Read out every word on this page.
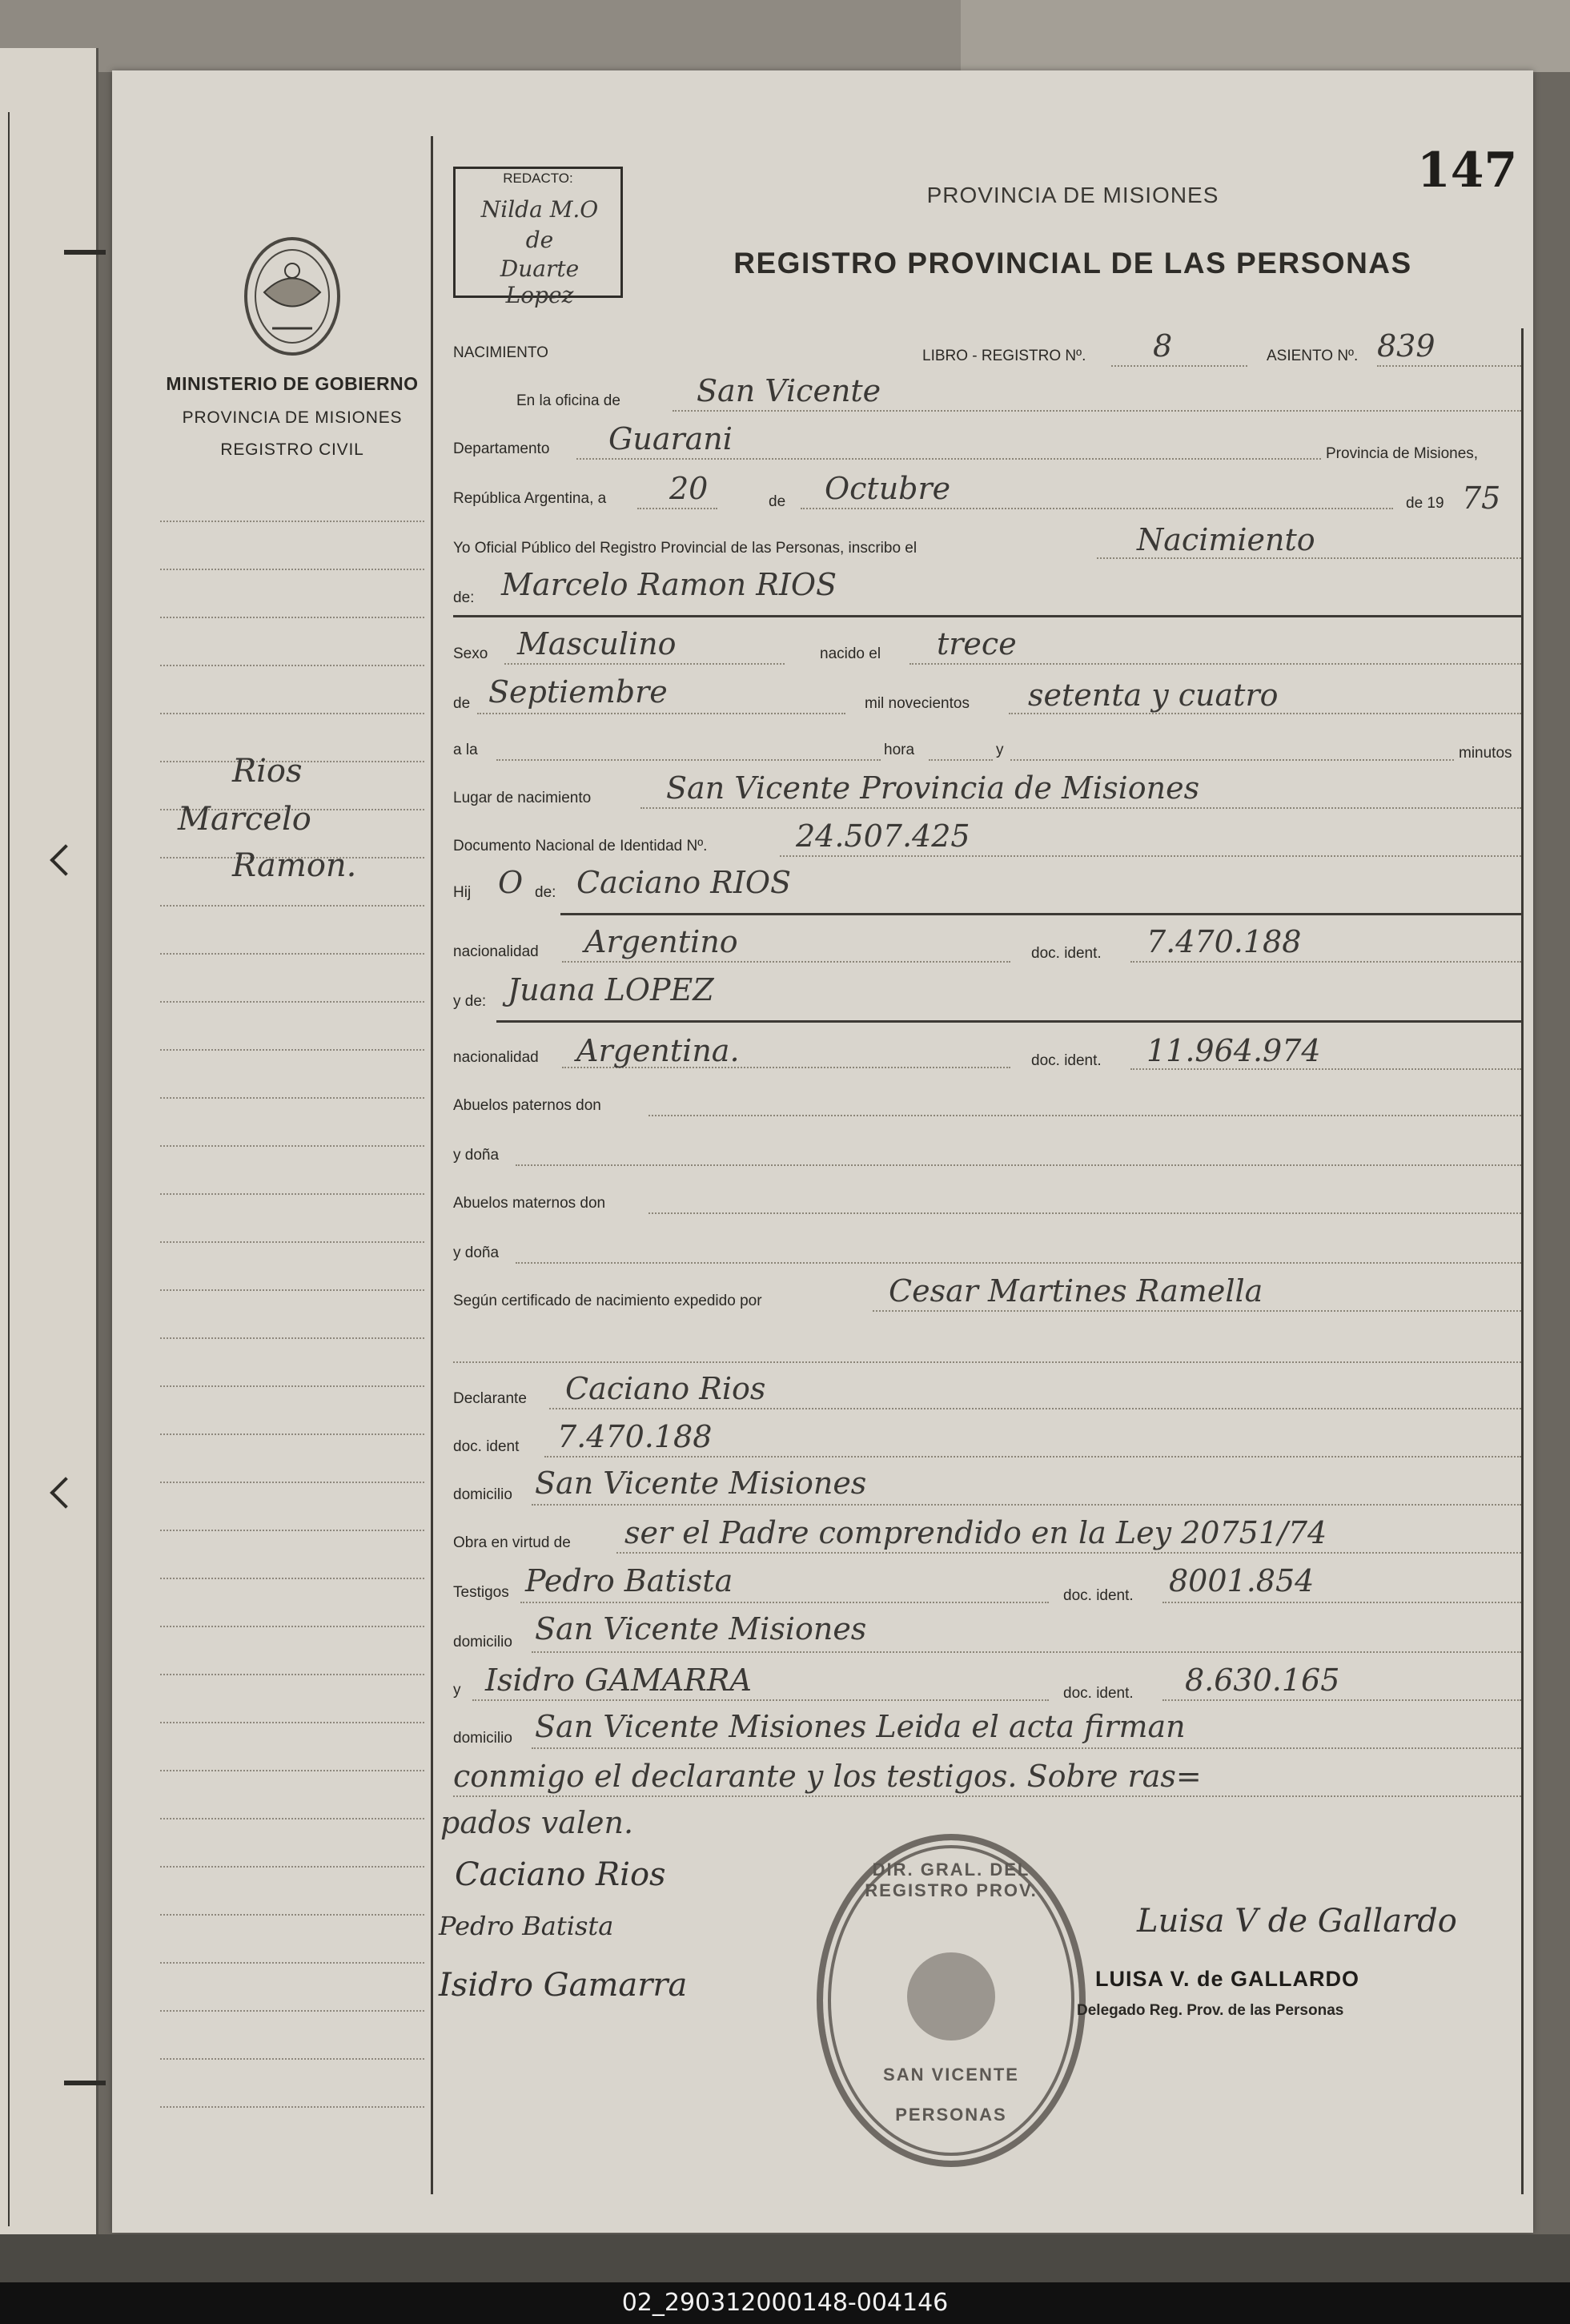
MINISTERIO DE GOBIERNO
PROVINCIA DE MISIONES
REGISTRO CIVIL
Rios
Marcelo
Ramon.
REDACTO:
Nilda M.O
de
Duarte Lopez
PROVINCIA DE MISIONES
REGISTRO PROVINCIAL DE LAS PERSONAS
147
NACIMIENTO	LIBRO - REGISTRO Nº. 8	ASIENTO Nº. 839
En la oficina de	San Vicente
Departamento Guarani	Provincia de Misiones,
República Argentina, a 20	de Octubre	de 19 75
Yo Oficial Público del Registro Provincial de las Personas, inscribo el	Nacimiento
de: Marcelo Ramon RIOS
Sexo Masculino	nacido el trece
de Septiembre	mil novecientos setenta y cuatro
a la	hora	y	minutos
Lugar de nacimiento San Vicente Provincia de Misiones
Documento Nacional de Identidad Nº.	24.507.425
Hij O de: Caciano RIOS
nacionalidad Argentino	doc. ident. 7.470.188
y de: Juana LOPEZ
nacionalidad Argentina.	doc. ident. 11.964.974
Abuelos paternos don
y doña
Abuelos maternos don
y doña
Según certificado de nacimiento expedido por	Cesar Martines Ramella
Declarante Caciano Rios
doc. ident 7.470.188
domicilio San Vicente Misiones
Obra en virtud de ser el Padre comprendido en la Ley 20751/74
Testigos Pedro Batista	doc. ident. 8001.854
domicilio San Vicente Misiones
y Isidro GAMARRA	doc. ident. 8.630.165
domicilio San Vicente Misiones Leida el acta firman
conmigo el declarante y los testigos. Sobre ras=
pados valen.
Caciano Rios
Pedro Batista
Isidro Gamarra
DIR. GRAL. DEL REGISTRO PROV.
SAN VICENTE
PERSONAS
Luisa V de Gallardo
LUISA V. de GALLARDO
Delegado Reg. Prov. de las Personas
02_290312000148-004146
